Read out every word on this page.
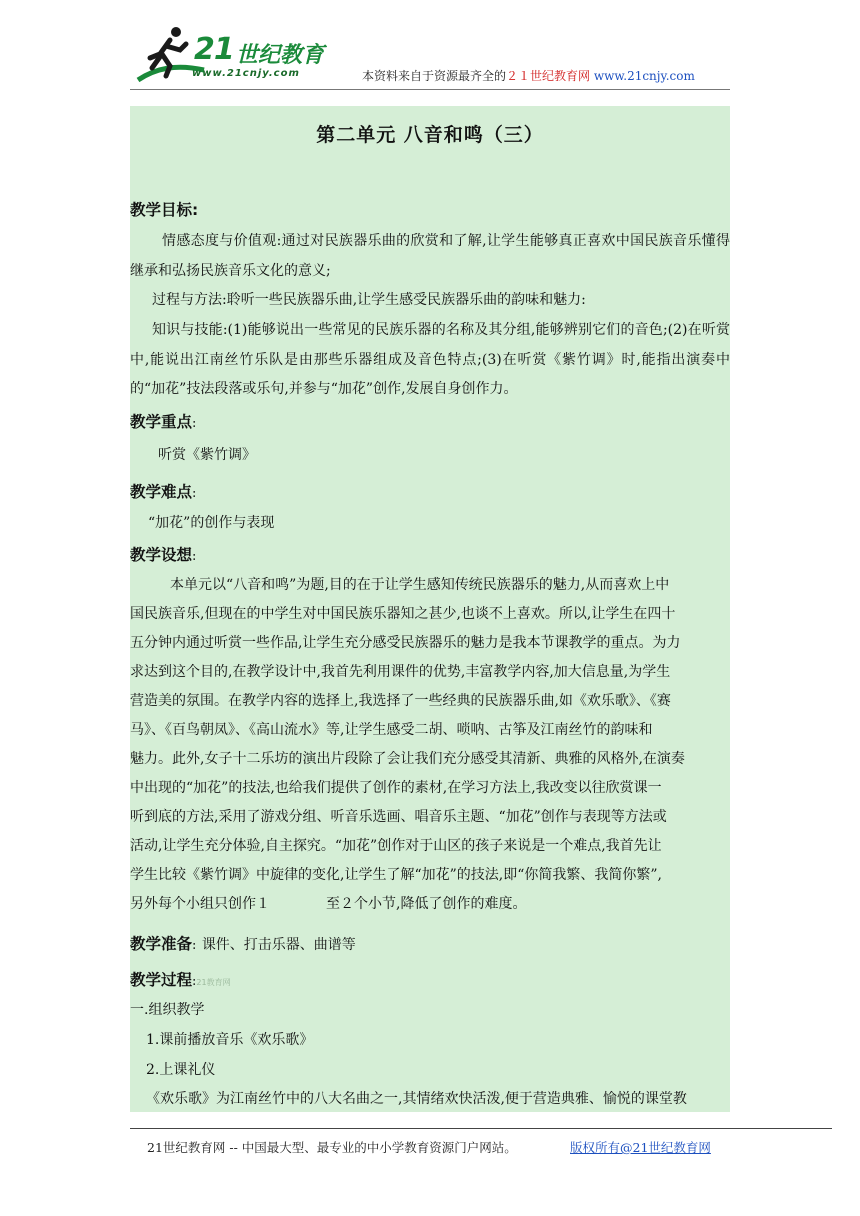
21 世纪教育
www.21cnjy.com	本资料来自于资源最齐全的２１世纪教育网 www.21cnjy.com
第二单元 八音和鸣（三）
教学目标:
情感态度与价值观:通过对民族器乐曲的欣赏和了解,让学生能够真正喜欢中国民族音乐懂得继承和弘扬民族音乐文化的意义;
过程与方法:聆听一些民族器乐曲,让学生感受民族器乐曲的韵味和魅力:
知识与技能:(1)能够说出一些常见的民族乐器的名称及其分组,能够辨别它们的音色;(2)在听赏中,能说出江南丝竹乐队是由那些乐器组成及音色特点;(3)在听赏《紫竹调》时,能指出演奏中的“加花”技法段落或乐句,并参与“加花”创作,发展自身创作力。
教学重点:
听赏《紫竹调》
教学难点:
“加花”的创作与表现
教学设想:
本单元以“八音和鸣”为题,目的在于让学生感知传统民族器乐的魅力,从而喜欢上中
国民族音乐,但现在的中学生对中国民族乐器知之甚少,也谈不上喜欢。所以,让学生在四十
五分钟内通过听赏一些作品,让学生充分感受民族器乐的魅力是我本节课教学的重点。为力
求达到这个目的,在教学设计中,我首先利用课件的优势,丰富教学内容,加大信息量,为学生
营造美的氛围。在教学内容的选择上,我选择了一些经典的民族器乐曲,如《欢乐歌》、《赛
马》、《百鸟朝凤》、《高山流水》等,让学生感受二胡、唢呐、古筝及江南丝竹的韵味和
魅力。此外,女子十二乐坊的演出片段除了会让我们充分感受其清新、典雅的风格外,在演奏
中出现的“加花”的技法,也给我们提供了创作的素材,在学习方法上,我改变以往欣赏课一
听到底的方法,采用了游戏分组、听音乐选画、唱音乐主题、“加花”创作与表现等方法或
活动,让学生充分体验,自主探究。“加花”创作对于山区的孩子来说是一个难点,我首先让
学生比较《紫竹调》中旋律的变化,让学生了解“加花”的技法,即“你简我繁、我简你繁”,
另外每个小组只创作１　　　　至２个小节,降低了创作的难度。
教学准备: 课件、打击乐器、曲谱等
教学过程:21教育网
一.组织教学
1.课前播放音乐《欢乐歌》
2.上课礼仪
《欢乐歌》为江南丝竹中的八大名曲之一,其情绪欢快活泼,便于营造典雅、愉悦的课堂教
21世纪教育网 -- 中国最大型、最专业的中小学教育资源门户网站。	版权所有@21世纪教育网
